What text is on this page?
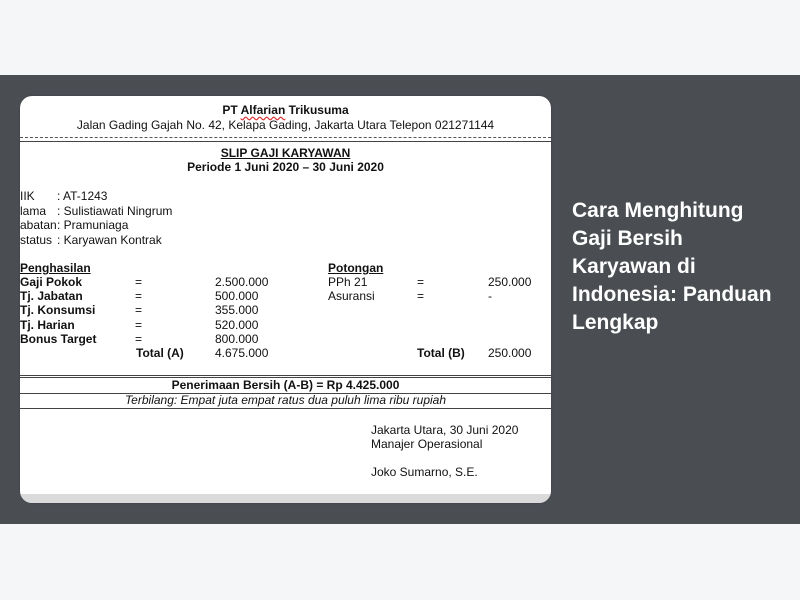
PT Alfarian Trikusuma
Jalan Gading Gajah No. 42, Kelapa Gading, Jakarta Utara Telepon 021271144
SLIP GAJI KARYAWAN
Periode 1 Juni 2020 – 30 Juni 2020
IIK : AT-1243
lama : Sulistiawati Ningrum
abatan : Pramuniaga
status : Karyawan Kontrak
Penghasilan
Gaji Pokok	=	2.500.000
Tj. Jabatan	=	500.000
Tj. Konsumsi	=	355.000
Tj. Harian	=	520.000
Bonus Target	=	800.000
Total (A)	4.675.000
Potongan
PPh 21	=	250.000
Asuransi	=	-
Total (B) 250.000
Penerimaan Bersih (A-B) = Rp 4.425.000
Terbilang: Empat juta empat ratus dua puluh lima ribu rupiah
Jakarta Utara, 30 Juni 2020
Manajer Operasional
Joko Sumarno, S.E.
Cara Menghitung Gaji Bersih Karyawan di Indonesia: Panduan Lengkap
